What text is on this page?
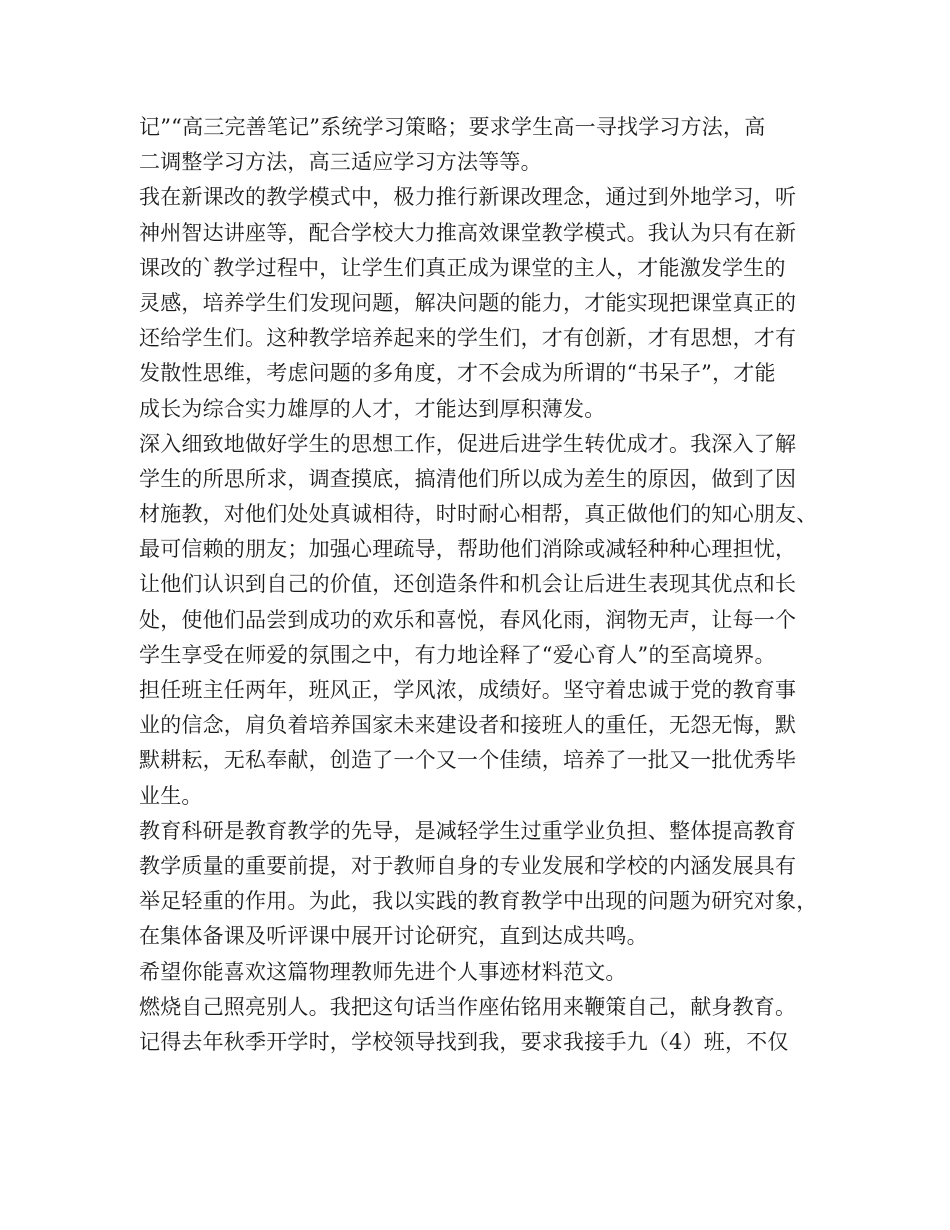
记”“高三完善笔记”系统学习策略；要求学生高一寻找学习方法，高
二调整学习方法，高三适应学习方法等等。
我在新课改的教学模式中，极力推行新课改理念，通过到外地学习，听
神州智达讲座等，配合学校大力推高效课堂教学模式。我认为只有在新
课改的`教学过程中，让学生们真正成为课堂的主人，才能激发学生的
灵感，培养学生们发现问题，解决问题的能力，才能实现把课堂真正的
还给学生们。这种教学培养起来的学生们，才有创新，才有思想，才有
发散性思维，考虑问题的多角度，才不会成为所谓的“书呆子”，才能
成长为综合实力雄厚的人才，才能达到厚积薄发。
深入细致地做好学生的思想工作，促进后进学生转优成才。我深入了解
学生的所思所求，调查摸底，搞清他们所以成为差生的原因，做到了因
材施教，对他们处处真诚相待，时时耐心相帮，真正做他们的知心朋友、
最可信赖的朋友；加强心理疏导，帮助他们消除或减轻种种心理担忧，
让他们认识到自己的价值，还创造条件和机会让后进生表现其优点和长
处，使他们品尝到成功的欢乐和喜悦，春风化雨，润物无声，让每一个
学生享受在师爱的氛围之中，有力地诠释了“爱心育人”的至高境界。
担任班主任两年，班风正，学风浓，成绩好。坚守着忠诚于党的教育事
业的信念，肩负着培养国家未来建设者和接班人的重任，无怨无悔，默
默耕耘，无私奉献，创造了一个又一个佳绩，培养了一批又一批优秀毕
业生。
教育科研是教育教学的先导，是减轻学生过重学业负担、整体提高教育
教学质量的重要前提，对于教师自身的专业发展和学校的内涵发展具有
举足轻重的作用。为此，我以实践的教育教学中出现的问题为研究对象，
在集体备课及听评课中展开讨论研究，直到达成共鸣。
希望你能喜欢这篇物理教师先进个人事迹材料范文。
燃烧自己照亮别人。我把这句话当作座佑铭用来鞭策自己，献身教育。
记得去年秋季开学时，学校领导找到我，要求我接手九（4）班，不仅
